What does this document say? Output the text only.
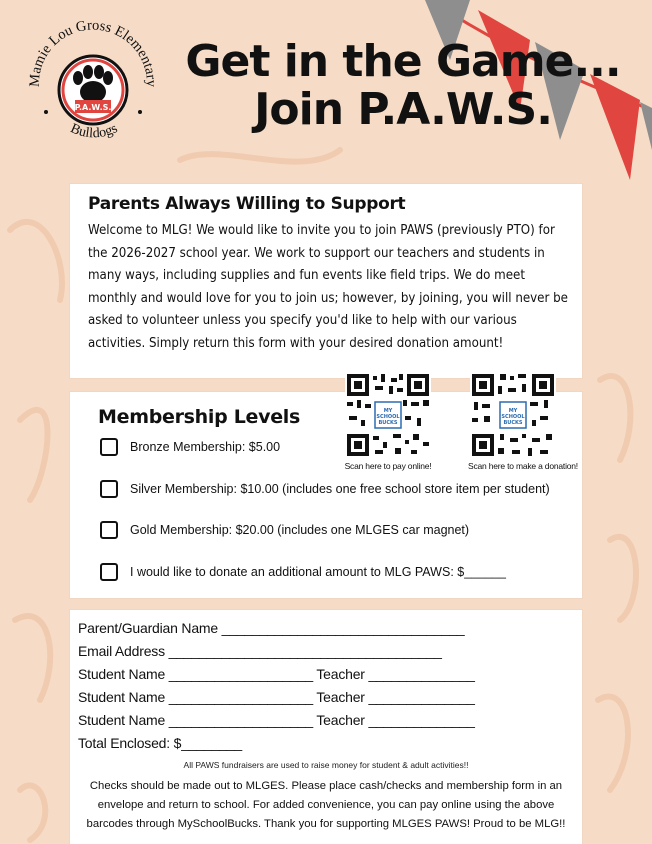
Mamie Lou Gross Elementary
Bulldogs
P.A.W.S.
Get in the Game...
Join P.A.W.S.
Parents Always Willing to Support
Welcome to MLG! We would like to invite you to join PAWS (previously PTO) for the 2026-2027 school year. We work to support our teachers and students in many ways, including supplies and fun events like field trips. We do meet monthly and would love for you to join us; however, by joining, you will never be asked to volunteer unless you specify you'd like to help with our various activities. Simply return this form with your desired donation amount!
Membership Levels
Bronze Membership: $5.00
Silver Membership: $10.00 (includes one free school store item per student)
Gold Membership: $20.00 (includes one MLGES car magnet)
I would like to donate an additional amount to MLG PAWS: $______
MY
SCHOOL
BUCKS
Scan here to pay online!
MY
SCHOOL
BUCKS
Scan here to make a donation!
Parent/Guardian Name ________________________________
Email Address ____________________________________
Student Name ___________________ Teacher ______________
Student Name ___________________ Teacher ______________
Student Name ___________________ Teacher ______________
Total Enclosed: $________
All PAWS fundraisers are used to raise money for student & adult activities!!
Checks should be made out to MLGES. Please place cash/checks and membership form in an envelope and return to school. For added convenience, you can pay online using the above barcodes through MySchoolBucks. Thank you for supporting MLGES PAWS! Proud to be MLG!!
